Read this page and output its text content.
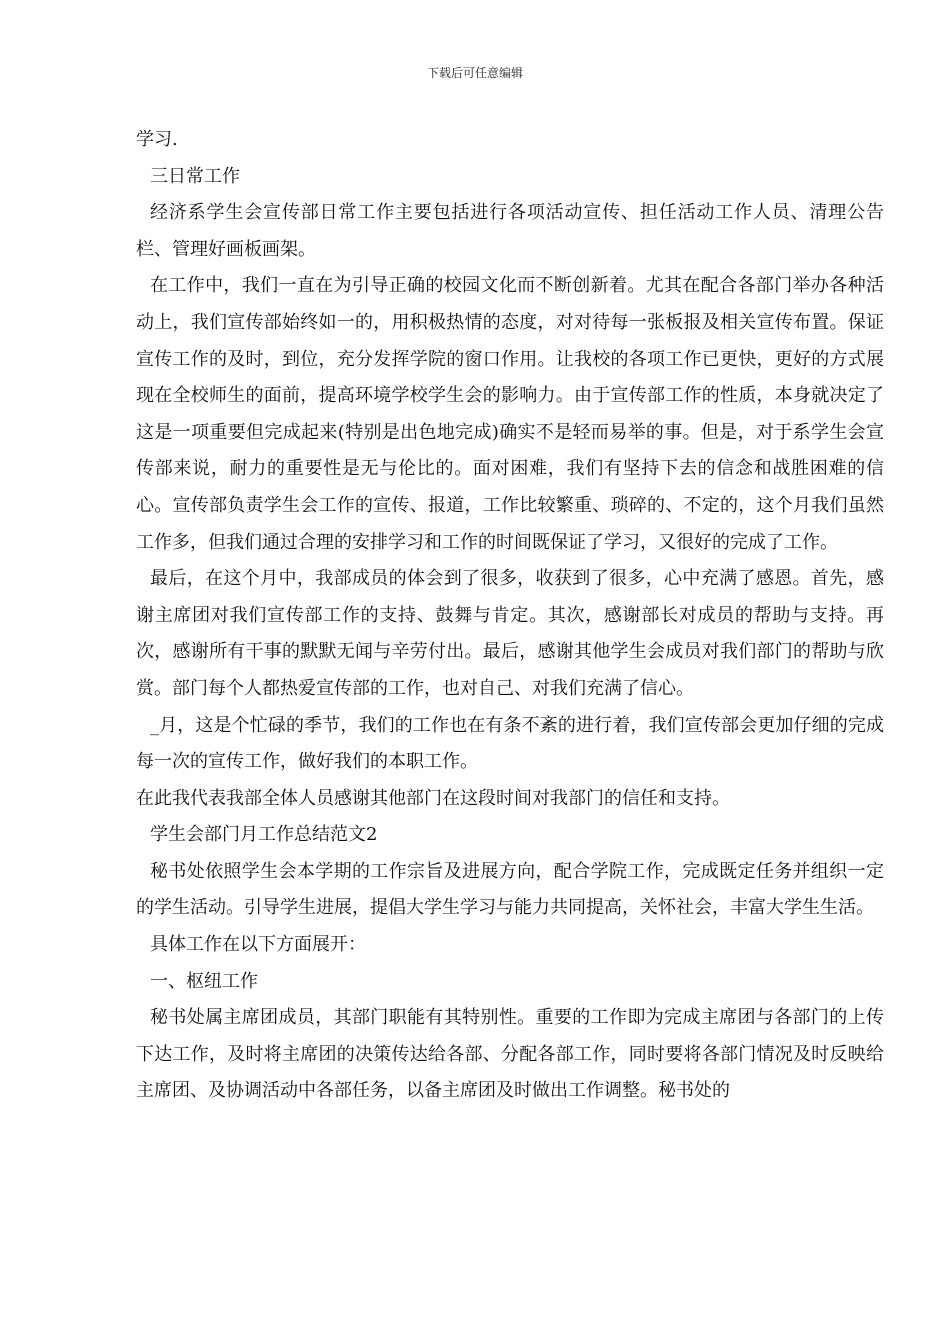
下载后可任意编辑

学习.

三日常工作

经济系学生会宣传部日常工作主要包括进行各项活动宣传、担任活动工作人员、清理公告栏、管理好画板画架。

在工作中，我们一直在为引导正确的校园文化而不断创新着。尤其在配合各部门举办各种活动上，我们宣传部始终如一的，用积极热情的态度，对对待每一张板报及相关宣传布置。保证宣传工作的及时，到位，充分发挥学院的窗口作用。让我校的各项工作已更快，更好的方式展现在全校师生的面前，提高环境学校学生会的影响力。由于宣传部工作的性质，本身就决定了这是一项重要但完成起来(特别是出色地完成)确实不是轻而易举的事。但是，对于系学生会宣传部来说，耐力的重要性是无与伦比的。面对困难，我们有坚持下去的信念和战胜困难的信心。宣传部负责学生会工作的宣传、报道，工作比较繁重、琐碎的、不定的，这个月我们虽然工作多，但我们通过合理的安排学习和工作的时间既保证了学习，又很好的完成了工作。

最后，在这个月中，我部成员的体会到了很多，收获到了很多，心中充满了感恩。首先，感谢主席团对我们宣传部工作的支持、鼓舞与肯定。其次，感谢部长对成员的帮助与支持。再次，感谢所有干事的默默无闻与辛劳付出。最后，感谢其他学生会成员对我们部门的帮助与欣赏。部门每个人都热爱宣传部的工作，也对自己、对我们充满了信心。

_月，这是个忙碌的季节，我们的工作也在有条不紊的进行着，我们宣传部会更加仔细的完成每一次的宣传工作，做好我们的本职工作。

在此我代表我部全体人员感谢其他部门在这段时间对我部门的信任和支持。

学生会部门月工作总结范文2

秘书处依照学生会本学期的工作宗旨及进展方向，配合学院工作，完成既定任务并组织一定的学生活动。引导学生进展，提倡大学生学习与能力共同提高，关怀社会，丰富大学生生活。

具体工作在以下方面展开：

一、枢纽工作

秘书处属主席团成员，其部门职能有其特别性。重要的工作即为完成主席团与各部门的上传下达工作，及时将主席团的决策传达给各部、分配各部工作，同时要将各部门情况及时反映给主席团、及协调活动中各部任务，以备主席团及时做出工作调整。秘书处的
